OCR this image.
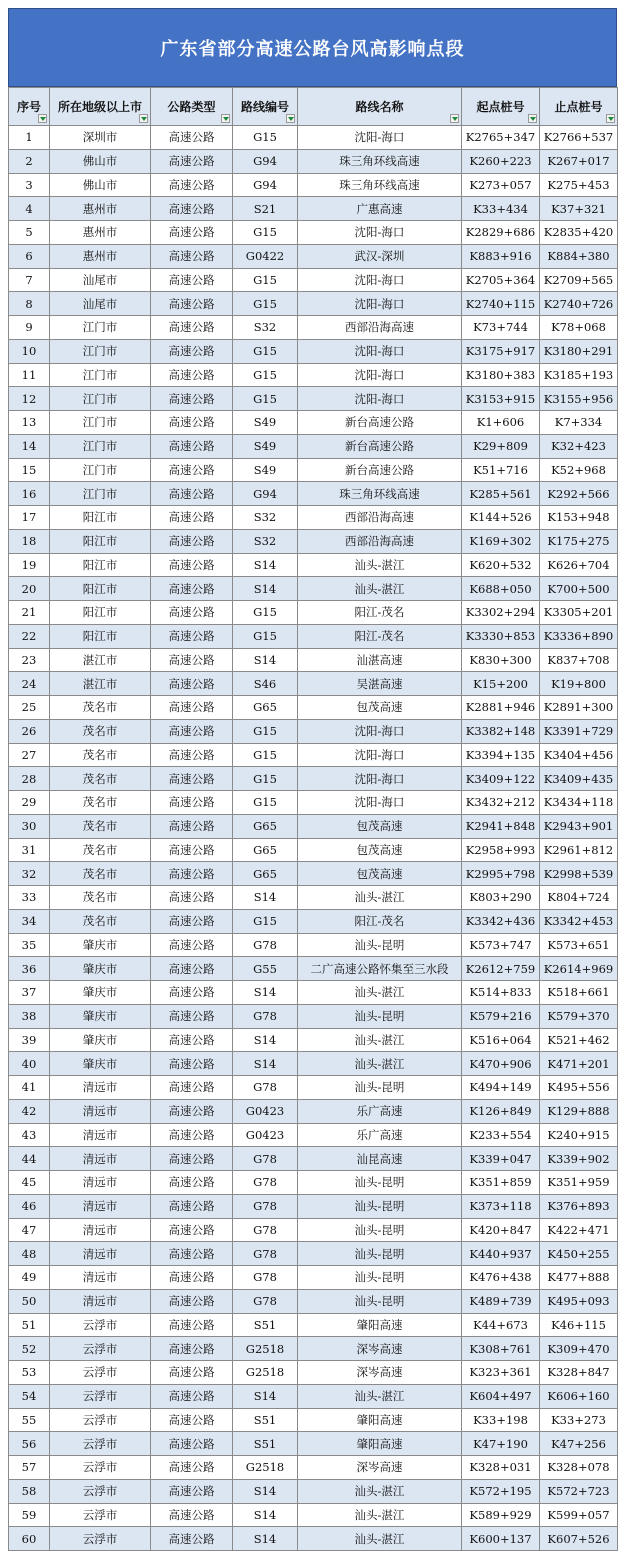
广东省部分高速公路台风高影响点段
序号	所在地级以上市	公路类型	路线编号	路线名称	起点桩号	止点桩号

1	深圳市	高速公路	G15	沈阳-海口	K2765+347	K2766+537
2	佛山市	高速公路	G94	珠三角环线高速	K260+223	K267+017
3	佛山市	高速公路	G94	珠三角环线高速	K273+057	K275+453
4	惠州市	高速公路	S21	广惠高速	K33+434	K37+321
5	惠州市	高速公路	G15	沈阳-海口	K2829+686	K2835+420
6	惠州市	高速公路	G0422	武汉-深圳	K883+916	K884+380
7	汕尾市	高速公路	G15	沈阳-海口	K2705+364	K2709+565
8	汕尾市	高速公路	G15	沈阳-海口	K2740+115	K2740+726
9	江门市	高速公路	S32	西部沿海高速	K73+744	K78+068
10	江门市	高速公路	G15	沈阳-海口	K3175+917	K3180+291
11	江门市	高速公路	G15	沈阳-海口	K3180+383	K3185+193
12	江门市	高速公路	G15	沈阳-海口	K3153+915	K3155+956
13	江门市	高速公路	S49	新台高速公路	K1+606	K7+334
14	江门市	高速公路	S49	新台高速公路	K29+809	K32+423
15	江门市	高速公路	S49	新台高速公路	K51+716	K52+968
16	江门市	高速公路	G94	珠三角环线高速	K285+561	K292+566
17	阳江市	高速公路	S32	西部沿海高速	K144+526	K153+948
18	阳江市	高速公路	S32	西部沿海高速	K169+302	K175+275
19	阳江市	高速公路	S14	汕头-湛江	K620+532	K626+704
20	阳江市	高速公路	S14	汕头-湛江	K688+050	K700+500
21	阳江市	高速公路	G15	阳江-茂名	K3302+294	K3305+201
22	阳江市	高速公路	G15	阳江-茂名	K3330+853	K3336+890
23	湛江市	高速公路	S14	汕湛高速	K830+300	K837+708
24	湛江市	高速公路	S46	吴湛高速	K15+200	K19+800
25	茂名市	高速公路	G65	包茂高速	K2881+946	K2891+300
26	茂名市	高速公路	G15	沈阳-海口	K3382+148	K3391+729
27	茂名市	高速公路	G15	沈阳-海口	K3394+135	K3404+456
28	茂名市	高速公路	G15	沈阳-海口	K3409+122	K3409+435
29	茂名市	高速公路	G15	沈阳-海口	K3432+212	K3434+118
30	茂名市	高速公路	G65	包茂高速	K2941+848	K2943+901
31	茂名市	高速公路	G65	包茂高速	K2958+993	K2961+812
32	茂名市	高速公路	G65	包茂高速	K2995+798	K2998+539
33	茂名市	高速公路	S14	汕头-湛江	K803+290	K804+724
34	茂名市	高速公路	G15	阳江-茂名	K3342+436	K3342+453
35	肇庆市	高速公路	G78	汕头-昆明	K573+747	K573+651
36	肇庆市	高速公路	G55	二广高速公路怀集至三水段	K2612+759	K2614+969
37	肇庆市	高速公路	S14	汕头-湛江	K514+833	K518+661
38	肇庆市	高速公路	G78	汕头-昆明	K579+216	K579+370
39	肇庆市	高速公路	S14	汕头-湛江	K516+064	K521+462
40	肇庆市	高速公路	S14	汕头-湛江	K470+906	K471+201
41	清远市	高速公路	G78	汕头-昆明	K494+149	K495+556
42	清远市	高速公路	G0423	乐广高速	K126+849	K129+888
43	清远市	高速公路	G0423	乐广高速	K233+554	K240+915
44	清远市	高速公路	G78	汕昆高速	K339+047	K339+902
45	清远市	高速公路	G78	汕头-昆明	K351+859	K351+959
46	清远市	高速公路	G78	汕头-昆明	K373+118	K376+893
47	清远市	高速公路	G78	汕头-昆明	K420+847	K422+471
48	清远市	高速公路	G78	汕头-昆明	K440+937	K450+255
49	清远市	高速公路	G78	汕头-昆明	K476+438	K477+888
50	清远市	高速公路	G78	汕头-昆明	K489+739	K495+093
51	云浮市	高速公路	S51	肇阳高速	K44+673	K46+115
52	云浮市	高速公路	G2518	深岑高速	K308+761	K309+470
53	云浮市	高速公路	G2518	深岑高速	K323+361	K328+847
54	云浮市	高速公路	S14	汕头-湛江	K604+497	K606+160
55	云浮市	高速公路	S51	肇阳高速	K33+198	K33+273
56	云浮市	高速公路	S51	肇阳高速	K47+190	K47+256
57	云浮市	高速公路	G2518	深岑高速	K328+031	K328+078
58	云浮市	高速公路	S14	汕头-湛江	K572+195	K572+723
59	云浮市	高速公路	S14	汕头-湛江	K589+929	K599+057
60	云浮市	高速公路	S14	汕头-湛江	K600+137	K607+526
